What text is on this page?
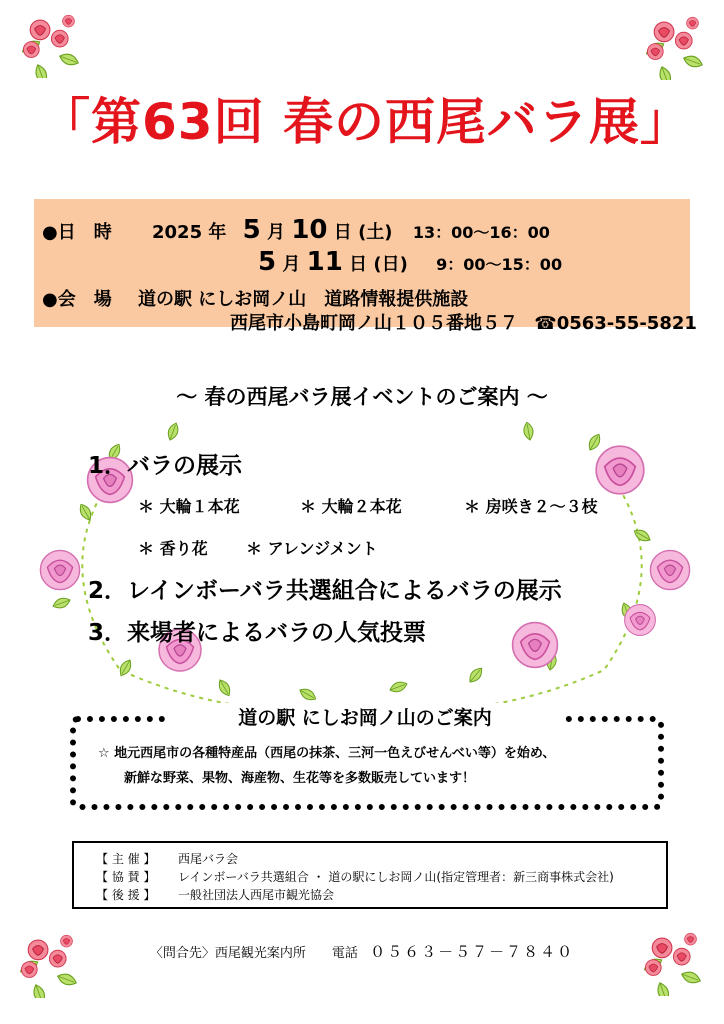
「第63回 春の西尾バラ展」
●日　時 2025 年 5 月 10 日 (土) 13：00～16：00
5 月 11 日 (日) 9：00～15：00
●会　場 道の駅 にしお岡ノ山　道路情報提供施設
西尾市小島町岡ノ山１０５番地５７ ☎0563-55-5821
～ 春の西尾バラ展イベントのご案内 ～
1．バラの展示
＊ 大輪１本花	＊ 大輪２本花	＊ 房咲き２～３枝
＊ 香り花 ＊ アレンジメント
2．レインボーバラ共選組合によるバラの展示
3．来場者によるバラの人気投票
道の駅 にしお岡ノ山のご案内
☆ 地元西尾市の各種特産品（西尾の抹茶、三河一色えびせんべい等）を始め、
新鮮な野菜、果物、海産物、生花等を多数販売しています！
【 主 催 】 西尾バラ会
【 協 賛 】 レインボーバラ共選組合 ・ 道の駅にしお岡ノ山(指定管理者：新三商事株式会社)
【 後 援 】 一般社団法人西尾市観光協会
〈問合先〉西尾観光案内所　　電話 ０５６３－５７－７８４０
